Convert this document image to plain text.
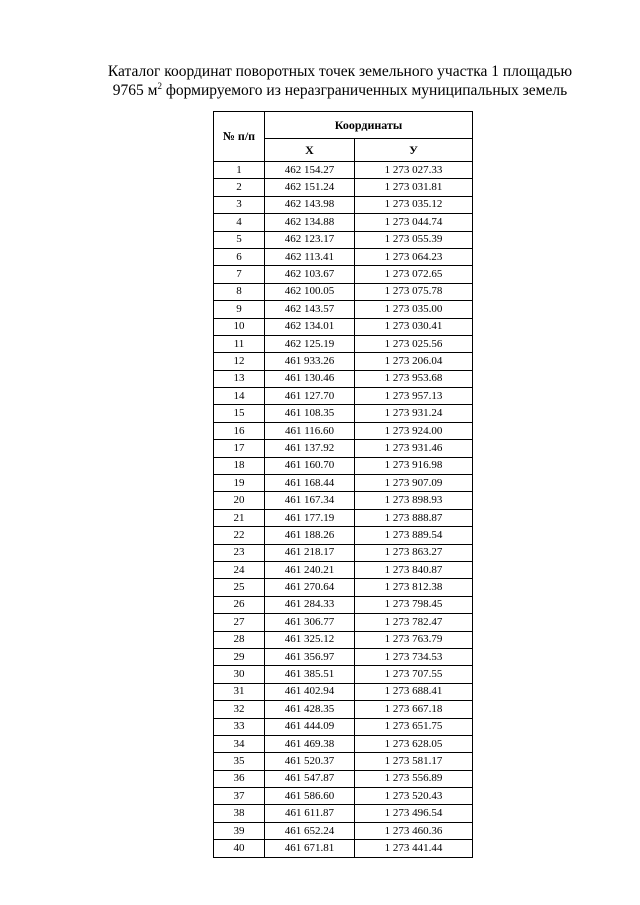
Каталог координат поворотных точек земельного участка 1 площадью
9765 $м^2$ формируемого из неразграниченных муниципальных земель
№ п/п	Координаты	
	Х	У
1	462 154.27	1 273 027.33
2	462 151.24	1 273 031.81
3	462 143.98	1 273 035.12
4	462 134.88	1 273 044.74
5	462 123.17	1 273 055.39
6	462 113.41	1 273 064.23
7	462 103.67	1 273 072.65
8	462 100.05	1 273 075.78
9	462 143.57	1 273 035.00
10	462 134.01	1 273 030.41
11	462 125.19	1 273 025.56
12	461 933.26	1 273 206.04
13	461 130.46	1 273 953.68
14	461 127.70	1 273 957.13
15	461 108.35	1 273 931.24
16	461 116.60	1 273 924.00
17	461 137.92	1 273 931.46
18	461 160.70	1 273 916.98
19	461 168.44	1 273 907.09
20	461 167.34	1 273 898.93
21	461 177.19	1 273 888.87
22	461 188.26	1 273 889.54
23	461 218.17	1 273 863.27
24	461 240.21	1 273 840.87
25	461 270.64	1 273 812.38
26	461 284.33	1 273 798.45
27	461 306.77	1 273 782.47
28	461 325.12	1 273 763.79
29	461 356.97	1 273 734.53
30	461 385.51	1 273 707.55
31	461 402.94	1 273 688.41
32	461 428.35	1 273 667.18
33	461 444.09	1 273 651.75
34	461 469.38	1 273 628.05
35	461 520.37	1 273 581.17
36	461 547.87	1 273 556.89
37	461 586.60	1 273 520.43
38	461 611.87	1 273 496.54
39	461 652.24	1 273 460.36
40	461 671.81	1 273 441.44
